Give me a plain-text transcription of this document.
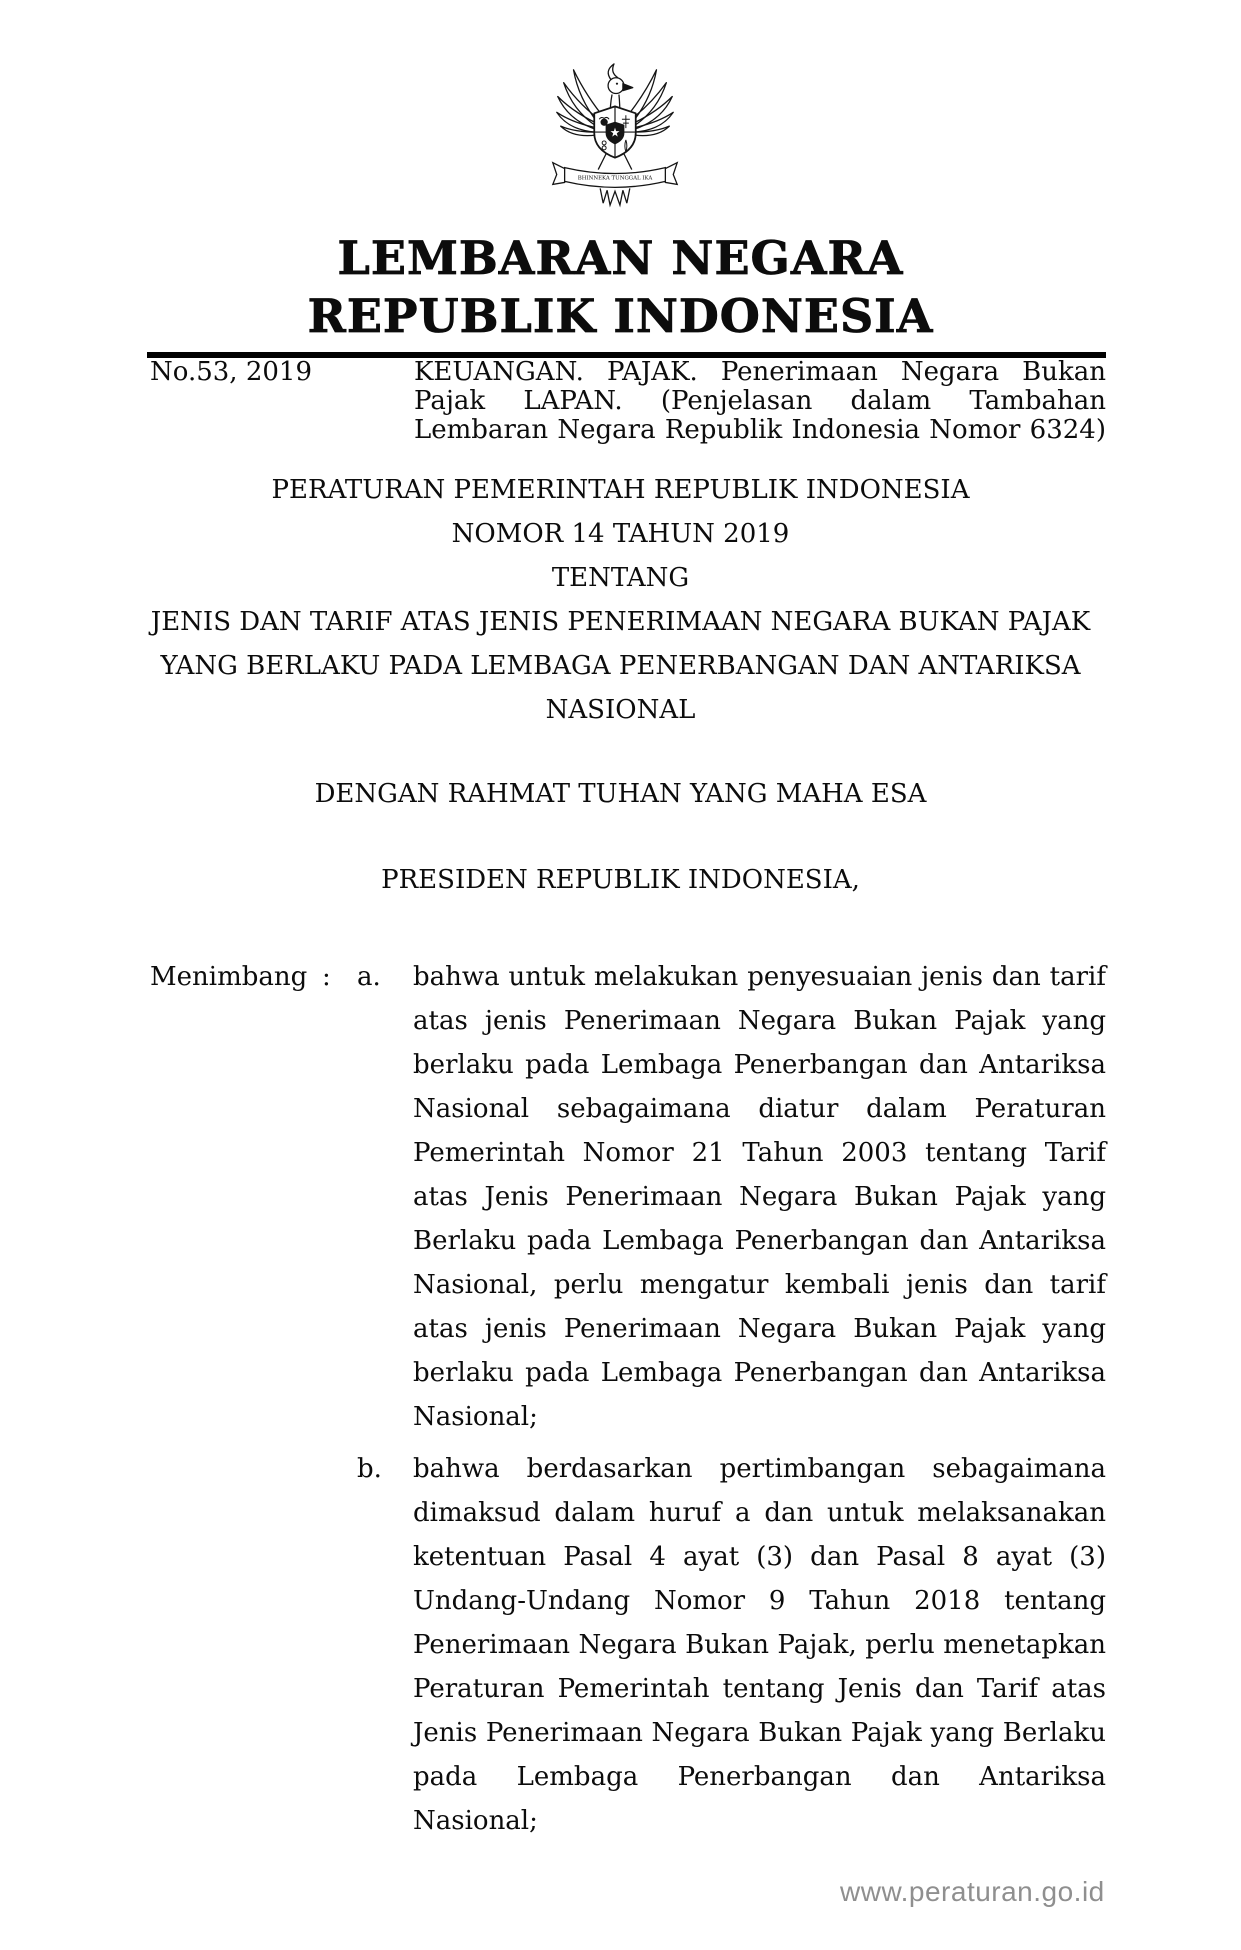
BHINNEKA TUNGGAL IKA
LEMBARAN NEGARA
REPUBLIK INDONESIA
No.53, 2019	KEUANGAN. PAJAK. Penerimaan Negara Bukan
Pajak LAPAN. (Penjelasan dalam Tambahan
Lembaran Negara Republik Indonesia Nomor 6324)
PERATURAN PEMERINTAH REPUBLIK INDONESIA
NOMOR 14 TAHUN 2019
TENTANG
JENIS DAN TARIF ATAS JENIS PENERIMAAN NEGARA BUKAN PAJAK
YANG BERLAKU PADA LEMBAGA PENERBANGAN DAN ANTARIKSA
NASIONAL
DENGAN RAHMAT TUHAN YANG MAHA ESA
PRESIDEN REPUBLIK INDONESIA,
Menimbang : a.	bahwa untuk melakukan penyesuaian jenis dan tarif atas jenis Penerimaan Negara Bukan Pajak yang berlaku pada Lembaga Penerbangan dan Antariksa Nasional sebagaimana diatur dalam Peraturan Pemerintah Nomor 21 Tahun 2003 tentang Tarif atas Jenis Penerimaan Negara Bukan Pajak yang Berlaku pada Lembaga Penerbangan dan Antariksa Nasional, perlu mengatur kembali jenis dan tarif atas jenis Penerimaan Negara Bukan Pajak yang berlaku pada Lembaga Penerbangan dan Antariksa Nasional;
b.	bahwa berdasarkan pertimbangan sebagaimana dimaksud dalam huruf a dan untuk melaksanakan ketentuan Pasal 4 ayat (3) dan Pasal 8 ayat (3) Undang-Undang Nomor 9 Tahun 2018 tentang Penerimaan Negara Bukan Pajak, perlu menetapkan Peraturan Pemerintah tentang Jenis dan Tarif atas Jenis Penerimaan Negara Bukan Pajak yang Berlaku pada Lembaga Penerbangan dan Antariksa Nasional;
www.peraturan.go.id
